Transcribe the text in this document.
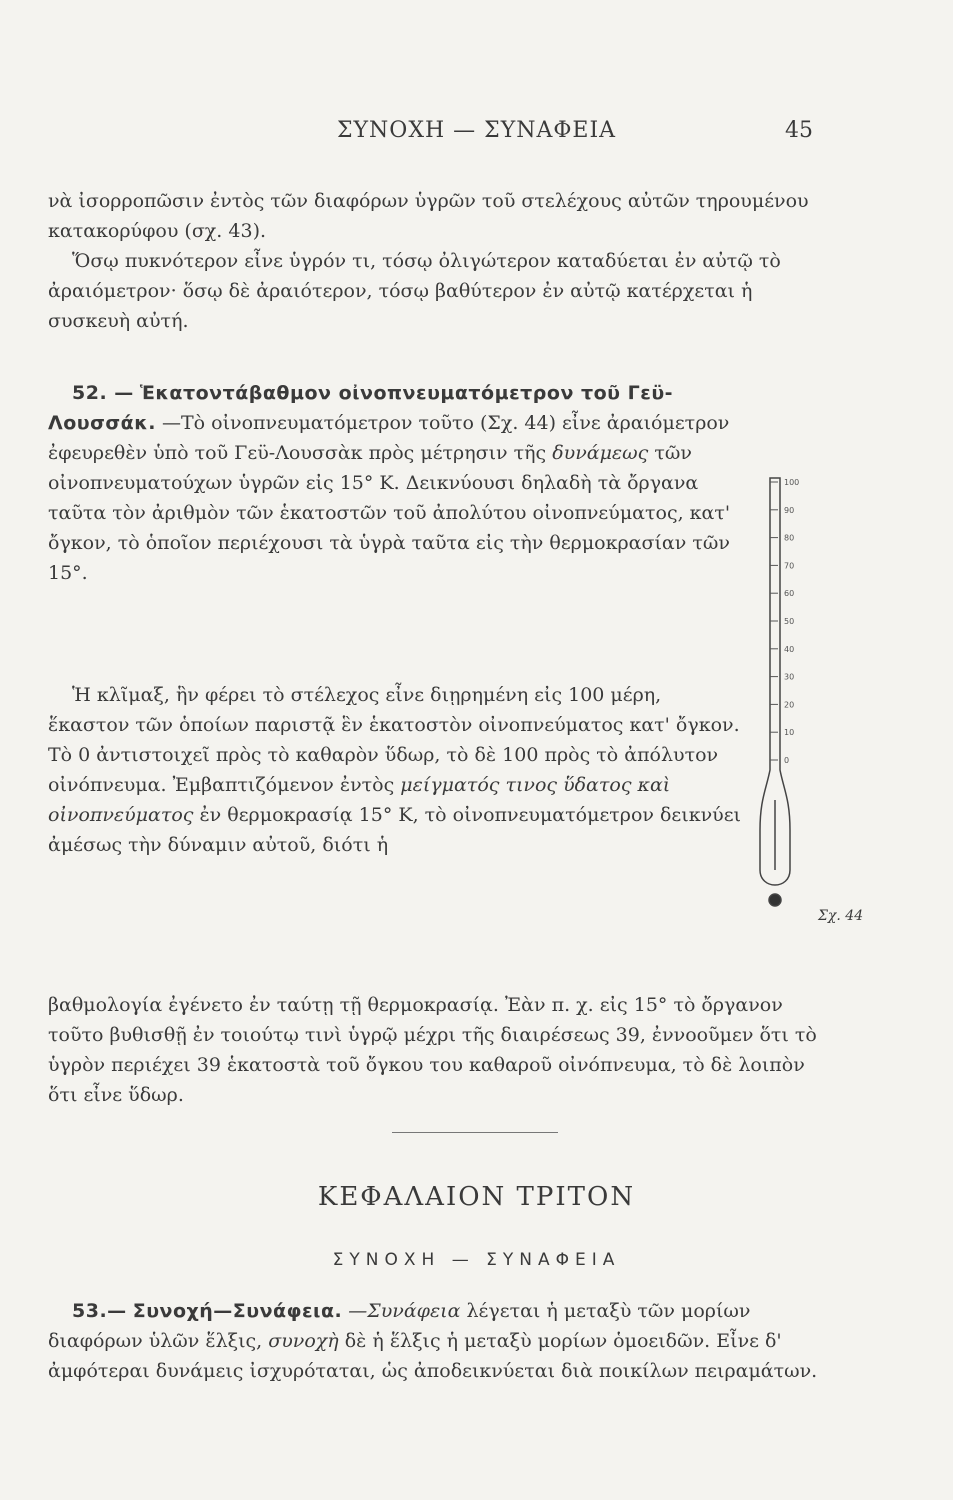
ΣΥΝΟΧΗ — ΣΥΝΑΦΕΙΑ	45
νὰ ἰσορροπῶσιν ἐντὸς τῶν διαφόρων ὑγρῶν τοῦ στελέχους αὐτῶν τηρουμένου κατακορύφου (σχ. 43).
Ὅσῳ πυκνότερον εἶνε ὑγρόν τι, τόσῳ ὀλιγώτερον καταδύεται ἐν αὐτῷ τὸ ἀραιόμετρον· ὅσῳ δὲ ἀραιότερον, τόσῳ βαθύτερον ἐν αὐτῷ κατέρχεται ἡ συσκευὴ αὐτή.
52. — Ἑκατοντάβαθμον οἰνοπνευματόμετρον τοῦ Γεϋ-Λουσσάκ. —Τὸ οἰνοπνευματόμετρον τοῦτο (Σχ. 44) εἶνε ἀραιόμετρον ἐφευρεθὲν ὑπὸ τοῦ Γεϋ-Λουσσὰκ πρὸς μέτρησιν τῆς δυνάμεως τῶν οἰνοπνευματούχων ὑγρῶν εἰς 15° Κ. Δεικνύουσι δηλαδὴ τὰ ὄργανα ταῦτα τὸν ἀριθμὸν τῶν ἑκατοστῶν τοῦ ἀπολύτου οἰνοπνεύματος, κατ' ὄγκον, τὸ ὁποῖον περιέχουσι τὰ ὑγρὰ ταῦτα εἰς τὴν θερμοκρασίαν τῶν 15°.
Ἡ κλῖμαξ, ἣν φέρει τὸ στέλεχος εἶνε διῃρημένη εἰς 100 μέρη, ἕκαστον τῶν ὁποίων παριστᾷ ἓν ἑκατοστὸν οἰνοπνεύματος κατ' ὄγκον. Τὸ 0 ἀντιστοιχεῖ πρὸς τὸ καθαρὸν ὕδωρ, τὸ δὲ 100 πρὸς τὸ ἀπόλυτον οἰνόπνευμα. Ἐμβαπτιζόμενον ἐντὸς μείγματός τινος ὕδατος καὶ οἰνοπνεύματος ἐν θερμοκρασίᾳ 15° Κ, τὸ οἰνοπνευματόμετρον δεικνύει ἀμέσως τὴν δύναμιν αὐτοῦ, διότι ἡ
βαθμολογία ἐγένετο ἐν ταύτῃ τῇ θερμοκρασίᾳ. Ἐὰν π. χ. εἰς 15° τὸ ὄργανον τοῦτο βυθισθῇ ἐν τοιούτῳ τινὶ ὑγρῷ μέχρι τῆς διαιρέσεως 39, ἐννοοῦμεν ὅτι τὸ ὑγρὸν περιέχει 39 ἑκατοστὰ τοῦ ὄγκου του καθαροῦ οἰνόπνευμα, τὸ δὲ λοιπὸν ὅτι εἶνε ὕδωρ.
100
90
80
70
60
50
40
30
20
10
0
Σχ. 44
ΚΕΦΑΛΑΙΟΝ ΤΡΙΤΟΝ
ΣΥΝΟΧΗ — ΣΥΝΑΦΕΙΑ
53.— Συνοχή—Συνάφεια. —Συνάφεια λέγεται ἡ μεταξὺ τῶν μορίων διαφόρων ὑλῶν ἕλξις, συνοχὴ δὲ ἡ ἕλξις ἡ μεταξὺ μορίων ὁμοειδῶν. Εἶνε δ' ἀμφότεραι δυνάμεις ἰσχυρόταται, ὡς ἀποδεικνύεται διὰ ποικίλων πειραμάτων.
